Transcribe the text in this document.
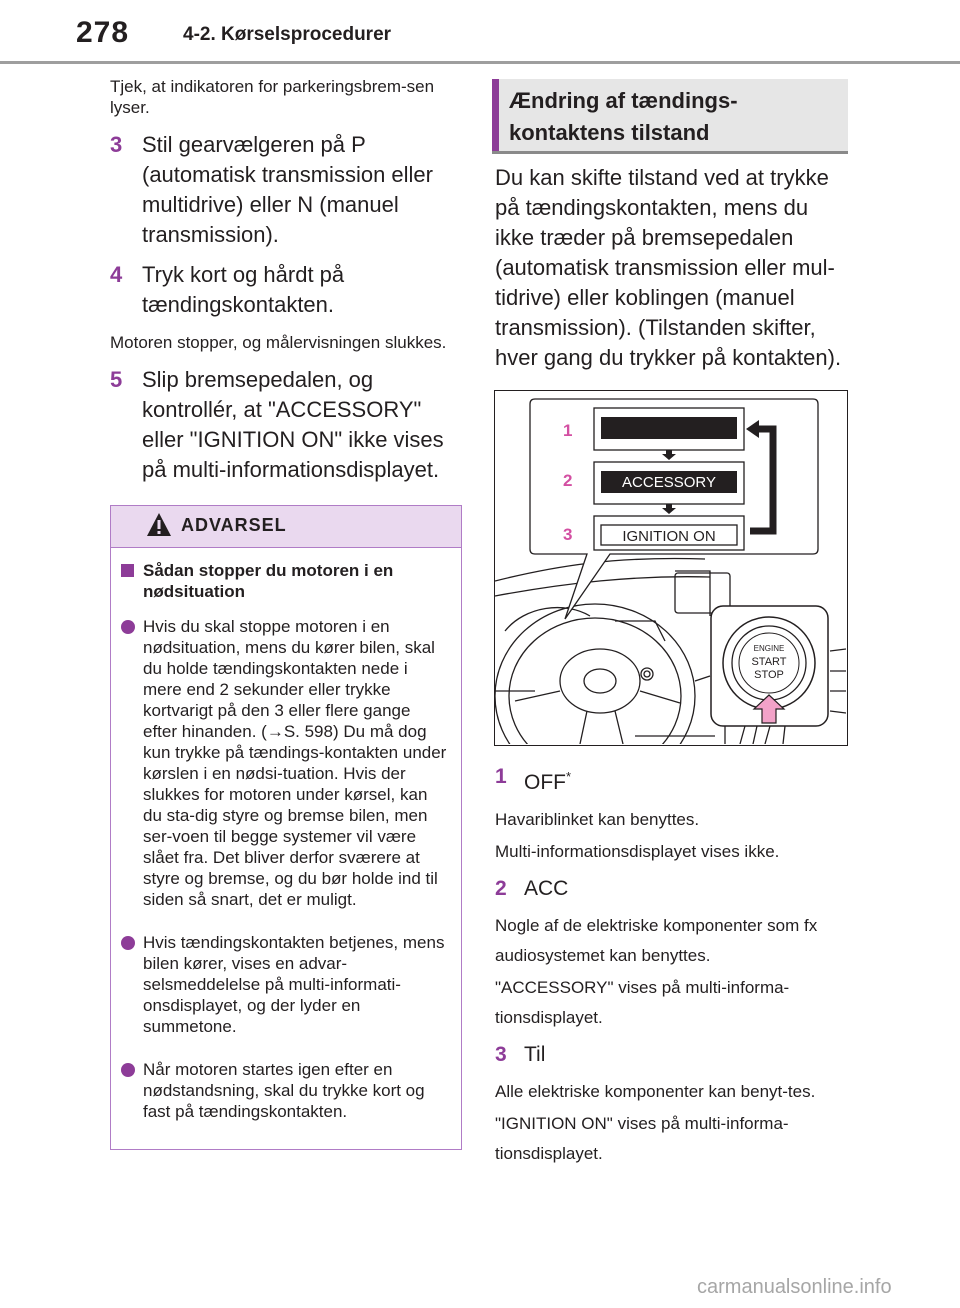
278	4-2. Kørselsprocedurer
Tjek, at indikatoren for parkeringsbrem-sen lyser.
3 Stil gearvælgeren på P (automatisk transmission eller multidrive) eller N (manuel transmission).
4 Tryk kort og hårdt på tændingskontakten.
Motoren stopper, og målervisningen slukkes.
5 Slip bremsepedalen, og kontrollér, at "ACCESSORY" eller "IGNITION ON" ikke vises på multi-informationsdisplayet.
ADVARSEL
Sådan stopper du motoren i en nødsituation
Hvis du skal stoppe motoren i en nødsituation, mens du kører bilen, skal du holde tændingskontakten nede i mere end 2 sekunder eller trykke kortvarigt på den 3 eller flere gange efter hinanden. (→S. 598) Du må dog kun trykke på tændings-kontakten under kørslen i en nødsi-tuation. Hvis der slukkes for motoren under kørsel, kan du sta-dig styre og bremse bilen, men ser-voen til begge systemer vil være slået fra. Det bliver derfor sværere at styre og bremse, og du bør holde ind til siden så snart, det er muligt.
Hvis tændingskontakten betjenes, mens bilen kører, vises en advar-selsmeddelelse på multi-informati-onsdisplayet, og der lyder en summetone.
Når motoren startes igen efter en nødstandsning, skal du trykke kort og fast på tændingskontakten.
Ændring af tændings-kontaktens tilstand
Du kan skifte tilstand ved at trykke på tændingskontakten, mens du ikke træder på bremsepedalen (automatisk transmission eller mul-tidrive) eller koblingen (manuel transmission). (Tilstanden skifter, hver gang du trykker på kontakten).
ACCESSORY
IGNITION ON
1
2
3
ENGINE
START
STOP
1 OFF*
Havariblinket kan benyttes.
Multi-informationsdisplayet vises ikke.
2 ACC
Nogle af de elektriske komponenter som fx audiosystemet kan benyttes.
"ACCESSORY" vises på multi-informa-tionsdisplayet.
3 Til
Alle elektriske komponenter kan benyt-tes.
"IGNITION ON" vises på multi-informa-tionsdisplayet.
carmanualsonline.info
